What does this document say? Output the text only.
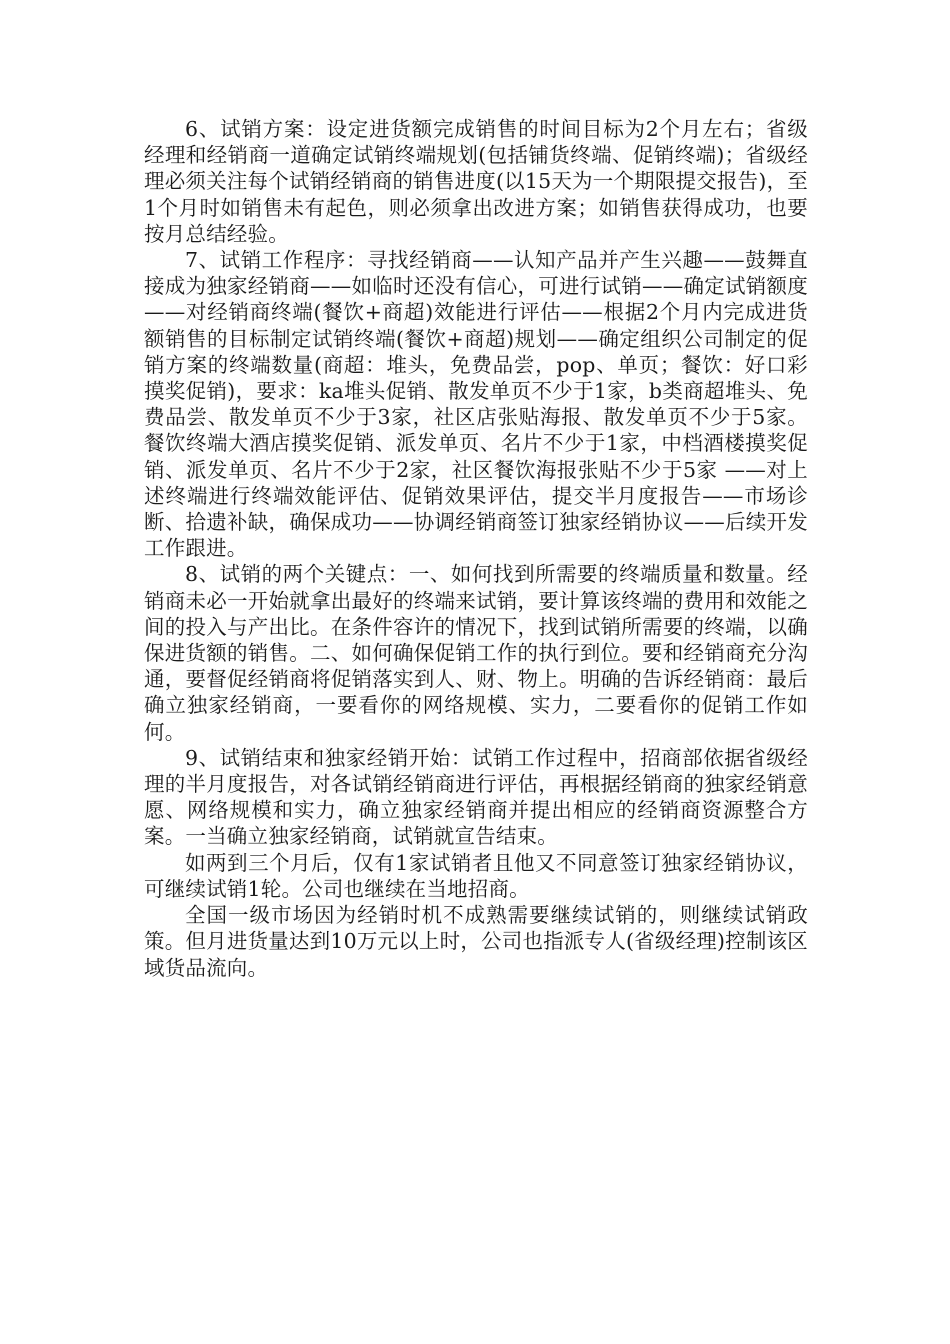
6、试销方案：设定进货额完成销售的时间目标为2个月左右；省级经理和经销商一道确定试销终端规划(包括铺货终端、促销终端)；省级经理必须关注每个试销经销商的销售进度(以15天为一个期限提交报告)，至1个月时如销售未有起色，则必须拿出改进方案；如销售获得成功，也要按月总结经验。

7、试销工作程序：寻找经销商——认知产品并产生兴趣——鼓舞直接成为独家经销商——如临时还没有信心，可进行试销——确定试销额度——对经销商终端(餐饮+商超)效能进行评估——根据2个月内完成进货额销售的目标制定试销终端(餐饮+商超)规划——确定组织公司制定的促销方案的终端数量(商超：堆头，免费品尝，pop、单页；餐饮：好口彩摸奖促销)，要求：ka堆头促销、散发单页不少于1家，b类商超堆头、免费品尝、散发单页不少于3家，社区店张贴海报、散发单页不少于5家。餐饮终端大酒店摸奖促销、派发单页、名片不少于1家，中档酒楼摸奖促销、派发单页、名片不少于2家，社区餐饮海报张贴不少于5家 ——对上述终端进行终端效能评估、促销效果评估，提交半月度报告——市场诊断、拾遗补缺，确保成功——协调经销商签订独家经销协议——后续开发工作跟进。

8、试销的两个关键点：一、如何找到所需要的终端质量和数量。经销商未必一开始就拿出最好的终端来试销，要计算该终端的费用和效能之间的投入与产出比。在条件容许的情况下，找到试销所需要的终端，以确保进货额的销售。二、如何确保促销工作的执行到位。要和经销商充分沟通，要督促经销商将促销落实到人、财、物上。明确的告诉经销商：最后确立独家经销商，一要看你的网络规模、实力，二要看你的促销工作如何。

9、试销结束和独家经销开始：试销工作过程中，招商部依据省级经理的半月度报告，对各试销经销商进行评估，再根据经销商的独家经销意愿、网络规模和实力，确立独家经销商并提出相应的经销商资源整合方案。一当确立独家经销商，试销就宣告结束。

如两到三个月后，仅有1家试销者且他又不同意签订独家经销协议，可继续试销1轮。公司也继续在当地招商。

全国一级市场因为经销时机不成熟需要继续试销的，则继续试销政策。但月进货量达到10万元以上时，公司也指派专人(省级经理)控制该区域货品流向。
